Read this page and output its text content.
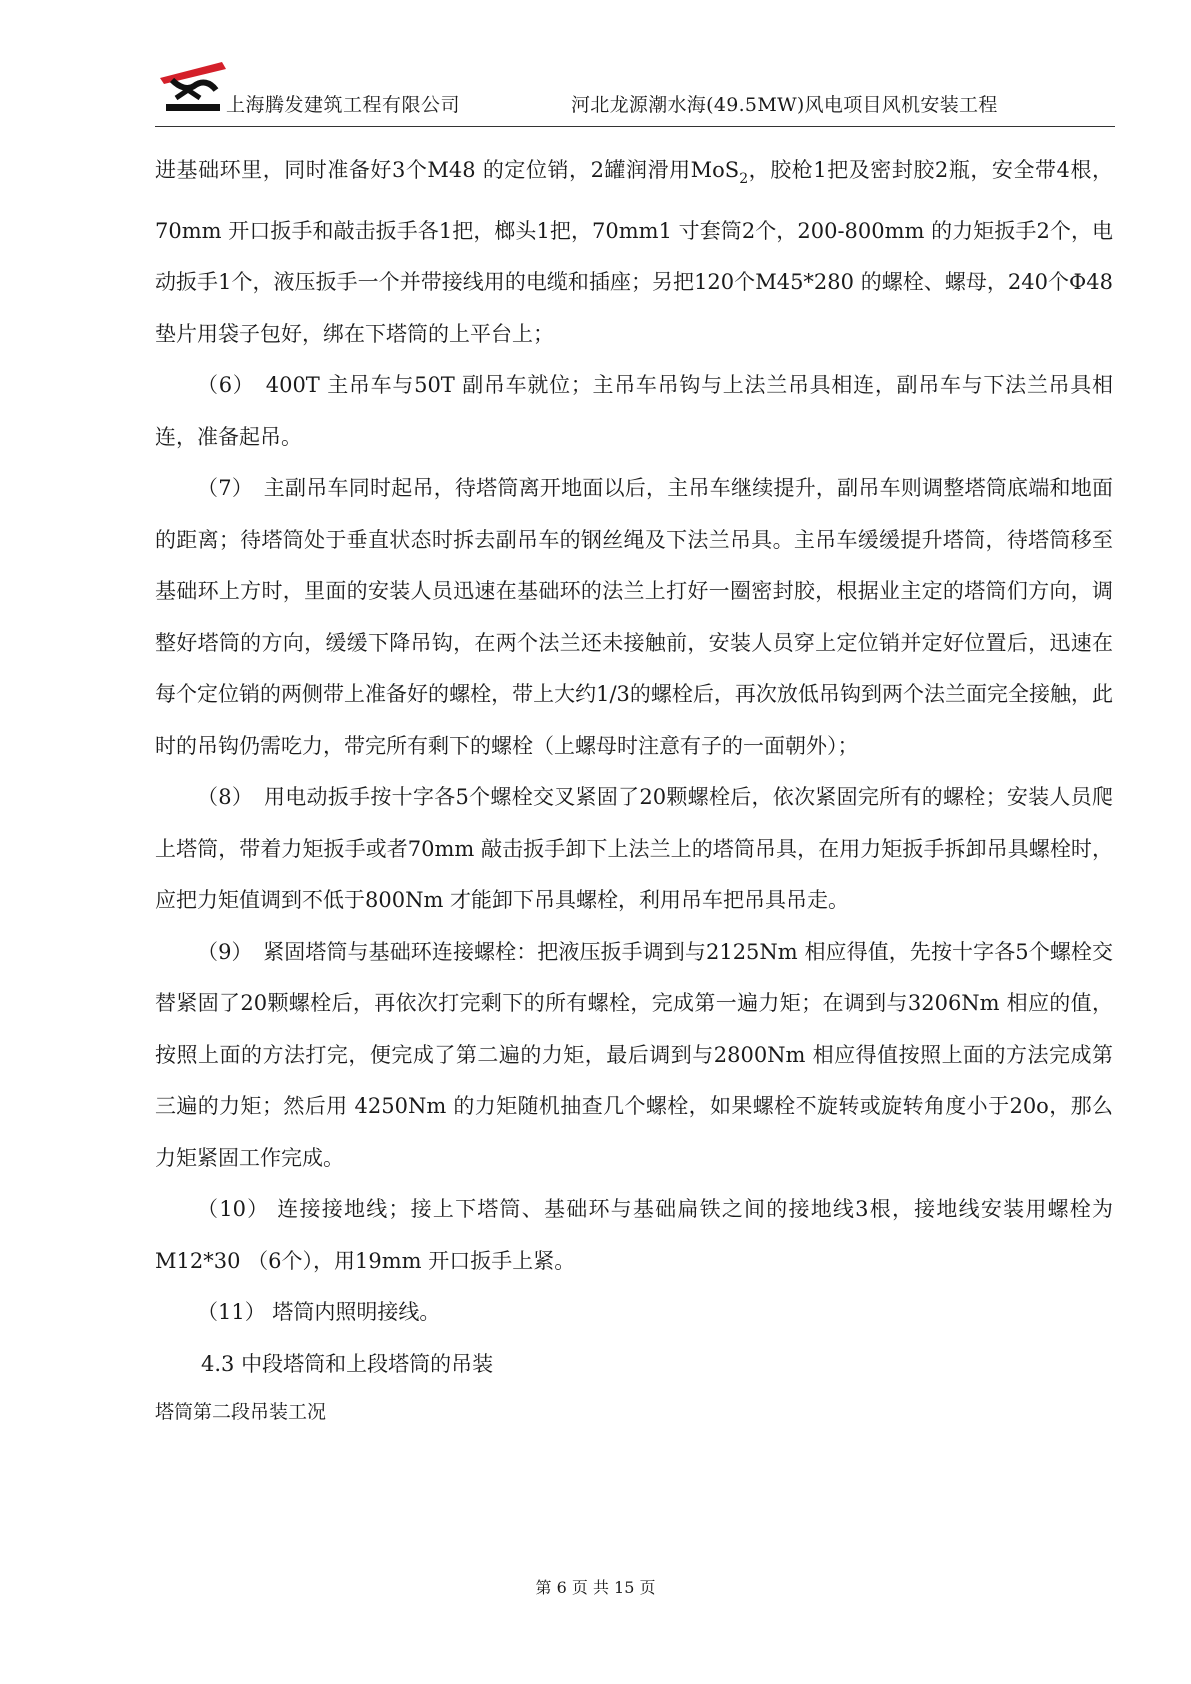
上海腾发建筑工程有限公司	河北龙源潮水海(49.5MW)风电项目风机安装工程

进基础环里，同时准备好3个M48 的定位销，2罐润滑用MoS$_2$，胶枪1把及密封胶2瓶，安全带4根，70mm 开口扳手和敲击扳手各1把，榔头1把，70mm1 寸套筒2个，200-800mm 的力矩扳手2个，电动扳手1个，液压扳手一个并带接线用的电缆和插座；另把120个M45*280 的螺栓、螺母，240个Φ48垫片用袋子包好，绑在下塔筒的上平台上；

（6）　400T 主吊车与50T 副吊车就位；主吊车吊钩与上法兰吊具相连，副吊车与下法兰吊具相连，准备起吊。

（7）　主副吊车同时起吊，待塔筒离开地面以后，主吊车继续提升，副吊车则调整塔筒底端和地面的距离；待塔筒处于垂直状态时拆去副吊车的钢丝绳及下法兰吊具。主吊车缓缓提升塔筒，待塔筒移至基础环上方时，里面的安装人员迅速在基础环的法兰上打好一圈密封胶，根据业主定的塔筒们方向，调整好塔筒的方向，缓缓下降吊钩，在两个法兰还未接触前，安装人员穿上定位销并定好位置后，迅速在每个定位销的两侧带上准备好的螺栓，带上大约1/3的螺栓后，再次放低吊钩到两个法兰面完全接触，此时的吊钩仍需吃力，带完所有剩下的螺栓（上螺母时注意有子的一面朝外）；

（8）　用电动扳手按十字各5个螺栓交叉紧固了20颗螺栓后，依次紧固完所有的螺栓；安装人员爬上塔筒，带着力矩扳手或者70mm 敲击扳手卸下上法兰上的塔筒吊具，在用力矩扳手拆卸吊具螺栓时，应把力矩值调到不低于800Nm 才能卸下吊具螺栓，利用吊车把吊具吊走。

（9）　紧固塔筒与基础环连接螺栓：把液压扳手调到与2125Nm 相应得值，先按十字各5个螺栓交替紧固了20颗螺栓后，再依次打完剩下的所有螺栓，完成第一遍力矩；在调到与3206Nm 相应的值，按照上面的方法打完，便完成了第二遍的力矩，最后调到与2800Nm 相应得值按照上面的方法完成第三遍的力矩；然后用 4250Nm 的力矩随机抽查几个螺栓，如果螺栓不旋转或旋转角度小于20o，那么力矩紧固工作完成。

（10） 连接接地线；接上下塔筒、基础环与基础扁铁之间的接地线3根，接地线安装用螺栓为M12*30 （6个），用19mm 开口扳手上紧。

（11） 塔筒内照明接线。

4.3 中段塔筒和上段塔筒的吊装

塔筒第二段吊装工况

第 6 页 共 15 页
